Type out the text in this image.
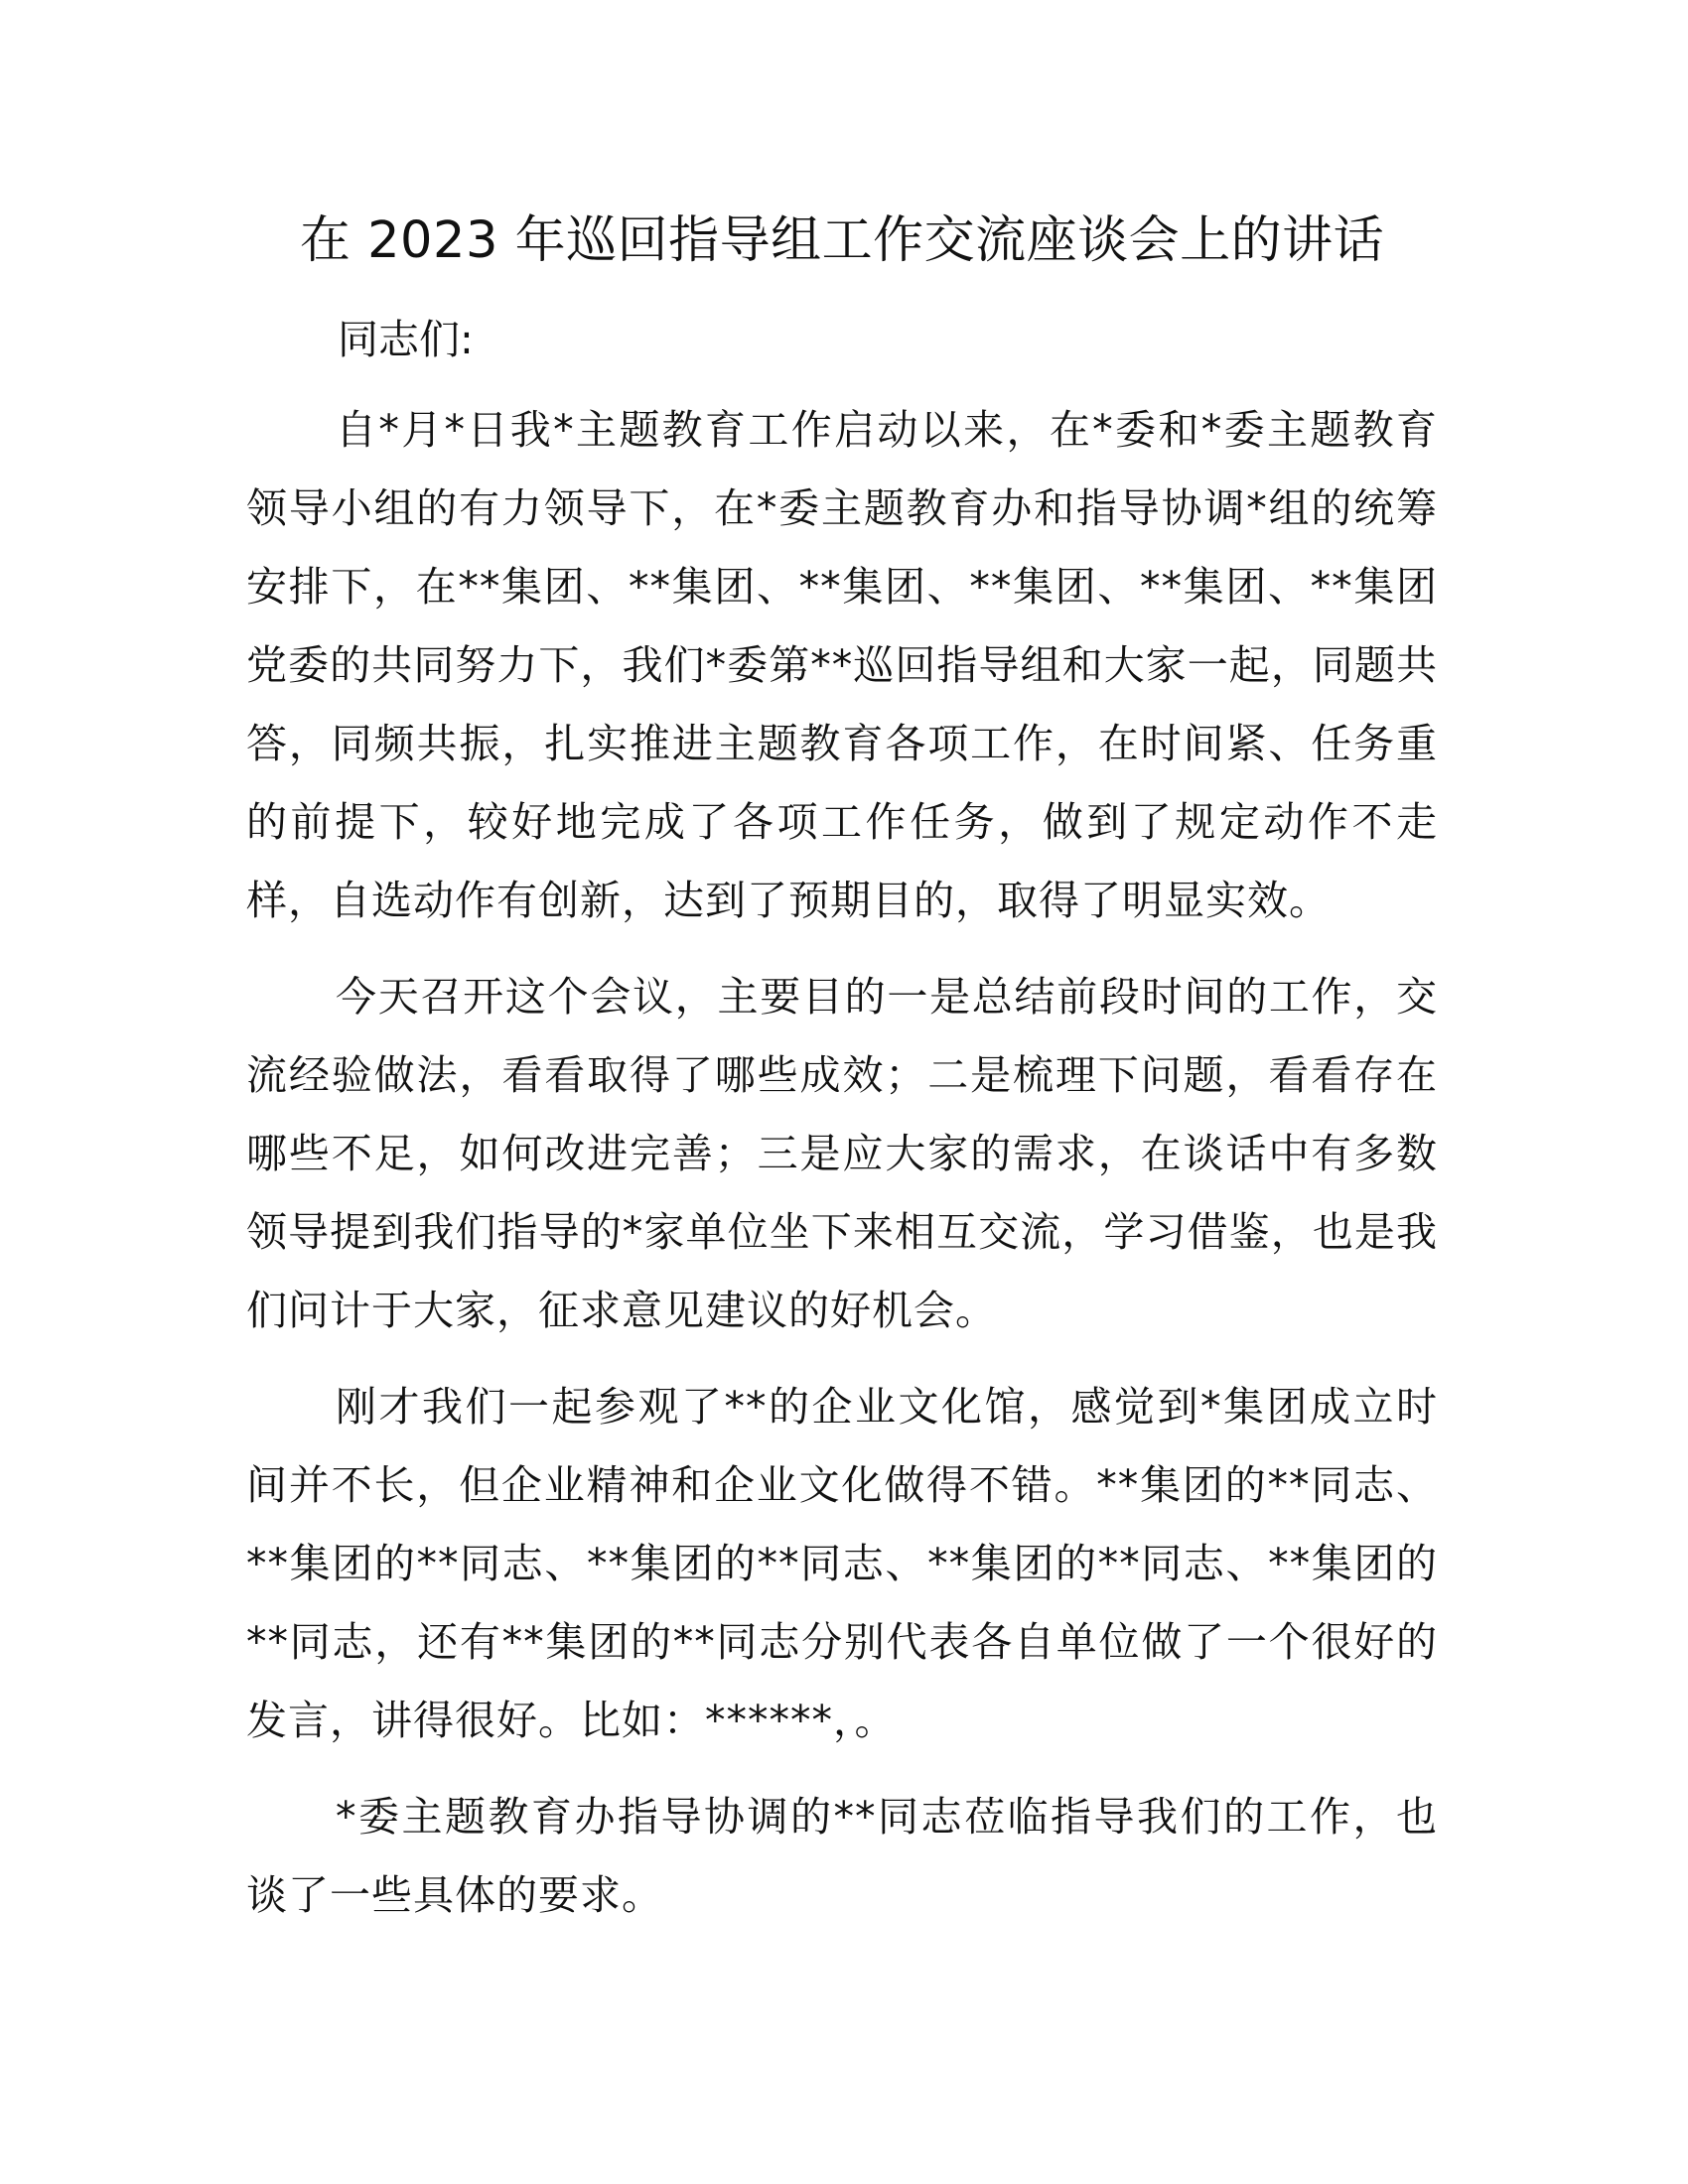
在 2023 年巡回指导组工作交流座谈会上的讲话

同志们:

自*月*日我*主题教育工作启动以来，在*委和*委主题教育领导小组的有力领导下，在*委主题教育办和指导协调*组的统筹安排下，在**集团、**集团、**集团、**集团、**集团、**集团党委的共同努力下，我们*委第**巡回指导组和大家一起，同题共答，同频共振，扎实推进主题教育各项工作，在时间紧、任务重的前提下，较好地完成了各项工作任务，做到了规定动作不走样，自选动作有创新，达到了预期目的，取得了明显实效。

今天召开这个会议，主要目的一是总结前段时间的工作，交流经验做法，看看取得了哪些成效；二是梳理下问题，看看存在哪些不足，如何改进完善；三是应大家的需求，在谈话中有多数领导提到我们指导的*家单位坐下来相互交流，学习借鉴，也是我们问计于大家，征求意见建议的好机会。

刚才我们一起参观了**的企业文化馆，感觉到*集团成立时间并不长，但企业精神和企业文化做得不错。**集团的**同志、**集团的**同志、**集团的**同志、**集团的**同志、**集团的**同志，还有**集团的**同志分别代表各自单位做了一个很好的发言，讲得很好。比如：******，。

*委主题教育办指导协调的**同志莅临指导我们的工作，也谈了一些具体的要求。
